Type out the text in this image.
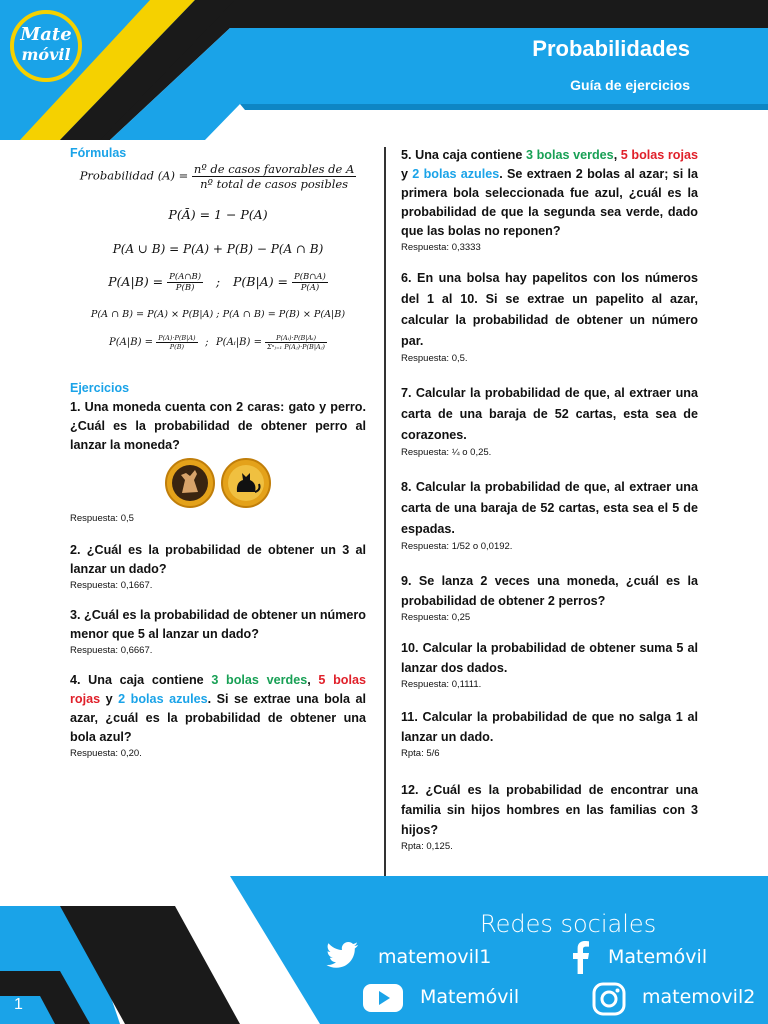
Mate
móvil	Probabilidades
Guía de ejercicios

Fórmulas

Probabilidad $(A) = \frac{\text{nº de casos favorables de A}}{\text{nº total de casos posibles}}$
P(Ā) = 1 − P(A)
P(A ∪ B) = P(A) + P(B) − P(A ∩ B)
$P(A|B) = \frac{P(A\cap B)}{P(B)}$ ; $P(B|A) = \frac{P(B\cap A)}{P(A)}$
P(A ∩ B) = P(A) × P(B|A) ; P(A ∩ B) = P(B) × P(A|B)
$P(A|B) = \frac{P(A)\cdot P(B|A)}{P(B)}$ ; P(Aᵢ|B) = $\frac{\text{P(Aᵢ)·P(B|Aᵢ)}}{\text{Σⁿⱼ₌₁ P(Aⱼ)·P(B|Aⱼ)}}$

Ejercicios

1. Una moneda cuenta con 2 caras: gato y perro. ¿Cuál es la probabilidad de obtener perro al lanzar la moneda?

Respuesta: 0,5

2. ¿Cuál es la probabilidad de obtener un 3 al lanzar un dado?

Respuesta: 0,1667.

3. ¿Cuál es la probabilidad de obtener un número menor que 5 al lanzar un dado?

Respuesta: 0,6667.

4. Una caja contiene 3 bolas verdes, 5 bolas rojas y 2 bolas azules. Si se extrae una bola al azar, ¿cuál es la probabilidad de obtener una bola azul?

Respuesta: 0,20.

5. Una caja contiene 3 bolas verdes, 5 bolas rojas y 2 bolas azules. Se extraen 2 bolas al azar; si la primera bola seleccionada fue azul, ¿cuál es la probabilidad de que la segunda sea verde, dado que las bolas no reponen?

Respuesta: 0,3333

6. En una bolsa hay papelitos con los números del 1 al 10. Si se extrae un papelito al azar, calcular la probabilidad de obtener un número par.

Respuesta: 0,5.

7. Calcular la probabilidad de que, al extraer una carta de una baraja de 52 cartas, esta sea de corazones.

Respuesta: ¼ o 0,25.

8. Calcular la probabilidad de que, al extraer una carta de una baraja de 52 cartas, esta sea el 5 de espadas.

Respuesta: 1/52 o 0,0192.

9. Se lanza 2 veces una moneda, ¿cuál es la probabilidad de obtener 2 perros?

Respuesta: 0,25

10. Calcular la probabilidad de obtener suma 5 al lanzar dos dados.

Respuesta: 0,1111.

11. Calcular la probabilidad de que no salga 1 al lanzar un dado.

Rpta: 5/6

12. ¿Cuál es la probabilidad de encontrar una familia sin hijos hombres en las familias con 3 hijos?

Rpta: 0,125.

Redes sociales
matemovil1	Matemóvil
Matemóvil	matemovil2
1
